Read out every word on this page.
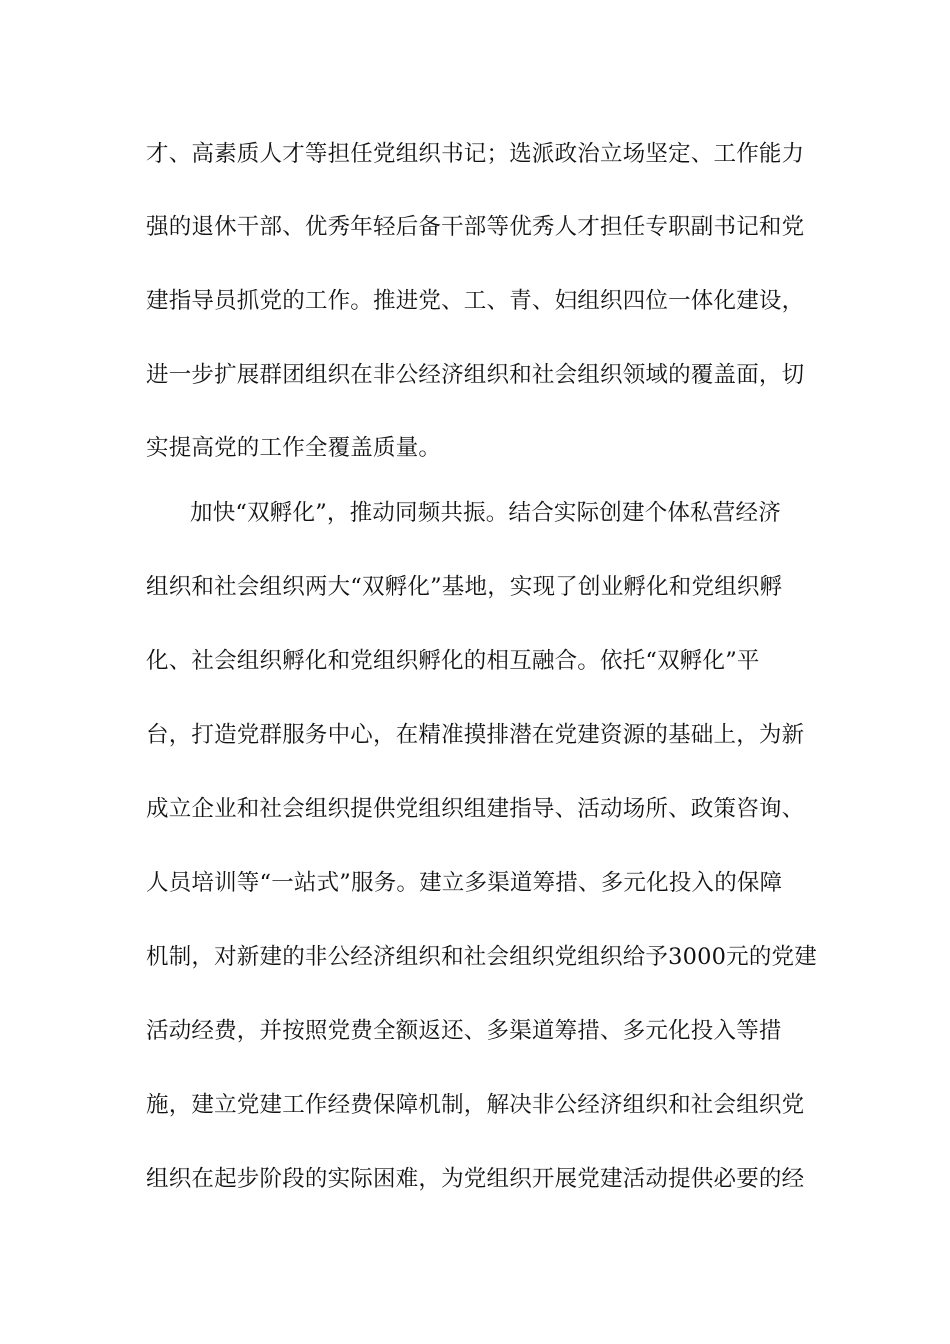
才、高素质人才等担任党组织书记；选派政治立场坚定、工作能力
强的退休干部、优秀年轻后备干部等优秀人才担任专职副书记和党
建指导员抓党的工作。推进党、工、青、妇组织四位一体化建设，
进一步扩展群团组织在非公经济组织和社会组织领域的覆盖面，切
实提高党的工作全覆盖质量。
加快“双孵化”，推动同频共振。结合实际创建个体私营经济
组织和社会组织两大“双孵化”基地，实现了创业孵化和党组织孵
化、社会组织孵化和党组织孵化的相互融合。依托“双孵化”平
台，打造党群服务中心，在精准摸排潜在党建资源的基础上，为新
成立企业和社会组织提供党组织组建指导、活动场所、政策咨询、
人员培训等“一站式”服务。建立多渠道筹措、多元化投入的保障
机制，对新建的非公经济组织和社会组织党组织给予3000元的党建
活动经费，并按照党费全额返还、多渠道筹措、多元化投入等措
施，建立党建工作经费保障机制，解决非公经济组织和社会组织党
组织在起步阶段的实际困难，为党组织开展党建活动提供必要的经
